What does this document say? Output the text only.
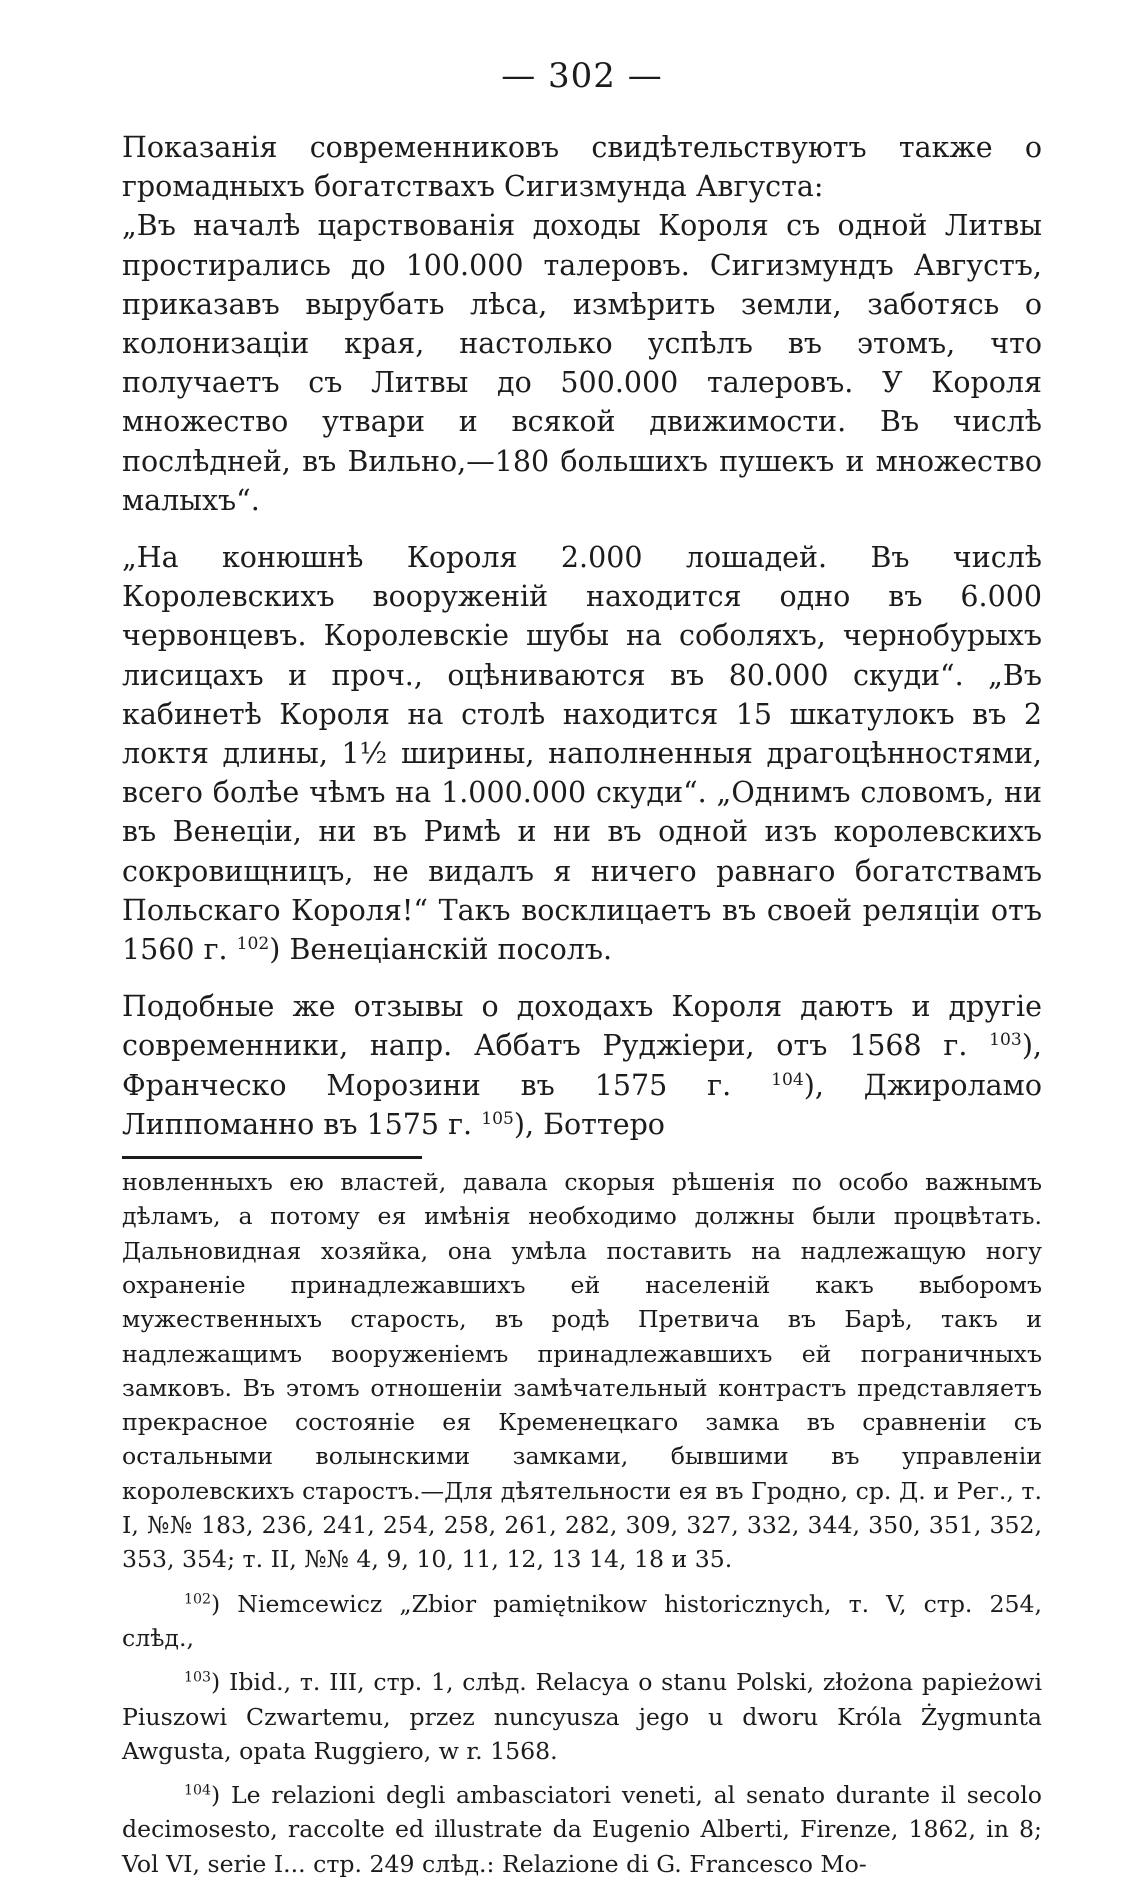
— 302 —

Показанія современниковъ свидѣтельствуютъ также о громадныхъ богатствахъ Сигизмунда Августа:

„Въ началѣ царствованія доходы Короля съ одной Литвы простирались до 100.000 талеровъ. Сигизмундъ Августъ, приказавъ вырубать лѣса, измѣрить земли, заботясь о колонизаціи края, настолько успѣлъ въ этомъ, что получаетъ съ Литвы до 500.000 талеровъ. У Короля множество утвари и всякой движимости. Въ числѣ послѣдней, въ Вильно,—180 большихъ пушекъ и множество малыхъ“.

„На конюшнѣ Короля 2.000 лошадей. Въ числѣ Королевскихъ вооруженій находится одно въ 6.000 червонцевъ. Королевскіе шубы на соболяхъ, чернобурыхъ лисицахъ и проч., оцѣниваются въ 80.000 скуди“. „Въ кабинетѣ Короля на столѣ находится 15 шкатулокъ въ 2 локтя длины, 1½ ширины, наполненныя драгоцѣнностями, всего болѣе чѣмъ на 1.000.000 скуди“. „Однимъ словомъ, ни въ Венеціи, ни въ Римѣ и ни въ одной изъ королевскихъ сокровищницъ, не видалъ я ничего равнаго богатствамъ Польскаго Короля!“ Такъ восклицаетъ въ своей реляціи отъ 1560 г. $^{102}$) Венеціанскій посолъ.

Подобные же отзывы о доходахъ Короля даютъ и другіе современники, напр. Аббатъ Руджіери, отъ 1568 г. $^{103}$), Франческо Морозини въ 1575 г. $^{104}$), Джироламо Липпоманно въ 1575 г. $^{105}$), Боттеро

новленныхъ ею властей, давала скорыя рѣшенія по особо важнымъ дѣламъ, а потому ея имѣнія необходимо должны были процвѣтать. Дальновидная хозяйка, она умѣла поставить на надлежащую ногу охраненіе принадлежавшихъ ей населеній какъ выборомъ мужественныхъ старость, въ родѣ Претвича въ Барѣ, такъ и надлежащимъ вооруженіемъ принадлежавшихъ ей пограничныхъ замковъ. Въ этомъ отношеніи замѣчательный контрастъ представляетъ прекрасное состояніе ея Кременецкаго замка въ сравненіи съ остальными волынскими замками, бывшими въ управленіи королевскихъ старостъ.—Для дѣятельности ея въ Гродно, ср. Д. и Рег., т. I, №№ 183, 236, 241, 254, 258, 261, 282, 309, 327, 332, 344, 350, 351, 352, 353, 354; т. II, №№ 4, 9, 10, 11, 12, 13 14, 18 и 35.

$^{102}$) Niemcewicz „Zbior pamiętnikow historicznych, т. V, стр. 254, слѣд.,

$^{103}$) Ibid., т. III, стр. 1, слѣд. Relacya o stanu Polski, złożona papieżowi Piuszowi Czwartemu, przez nuncyusza jego u dworu Króla Żygmunta Awgusta, opata Ruggiero, w r. 1568.

$^{104}$) Le relazioni degli ambasciatori veneti, al senato durante il secolo decimosesto, raccolte ed illustrate da Eugenio Alberti, Firenze, 1862, in 8; Vol VI, serie I... стр. 249 слѣд.: Relazione di G. Francesco Mo-
